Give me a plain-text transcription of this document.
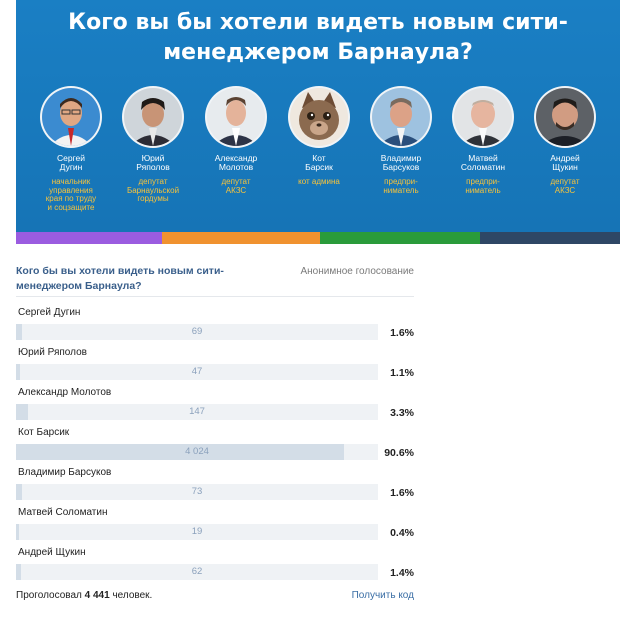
Кого вы бы хотели видеть новым сити-
менеджером Барнаула?
Сергей
Дугин
начальник
управления
края по труду
и соцзащите
Юрий
Ряполов
депутат
Барнаульской
гордумы
Александр
Молотов
депутат
АКЗС
Кот
Барсик
кот админа
Владимир
Барсуков
предпри-
ниматель
Матвей
Соломатин
предпри-
ниматель
Андрей
Щукин
депутат
АКЗС
Кого бы вы хотели видеть новым сити-
менеджером Барнаула?
Анонимное голосование
Сергей Дугин
69	1.6%
Юрий Ряполов
47	1.1%
Александр Молотов
147	3.3%
Кот Барсик
4 024	90.6%
Владимир Барсуков
73	1.6%
Матвей Соломатин
19	0.4%
Андрей Щукин
62	1.4%
Проголосовал 4 441 человек.	Получить код
